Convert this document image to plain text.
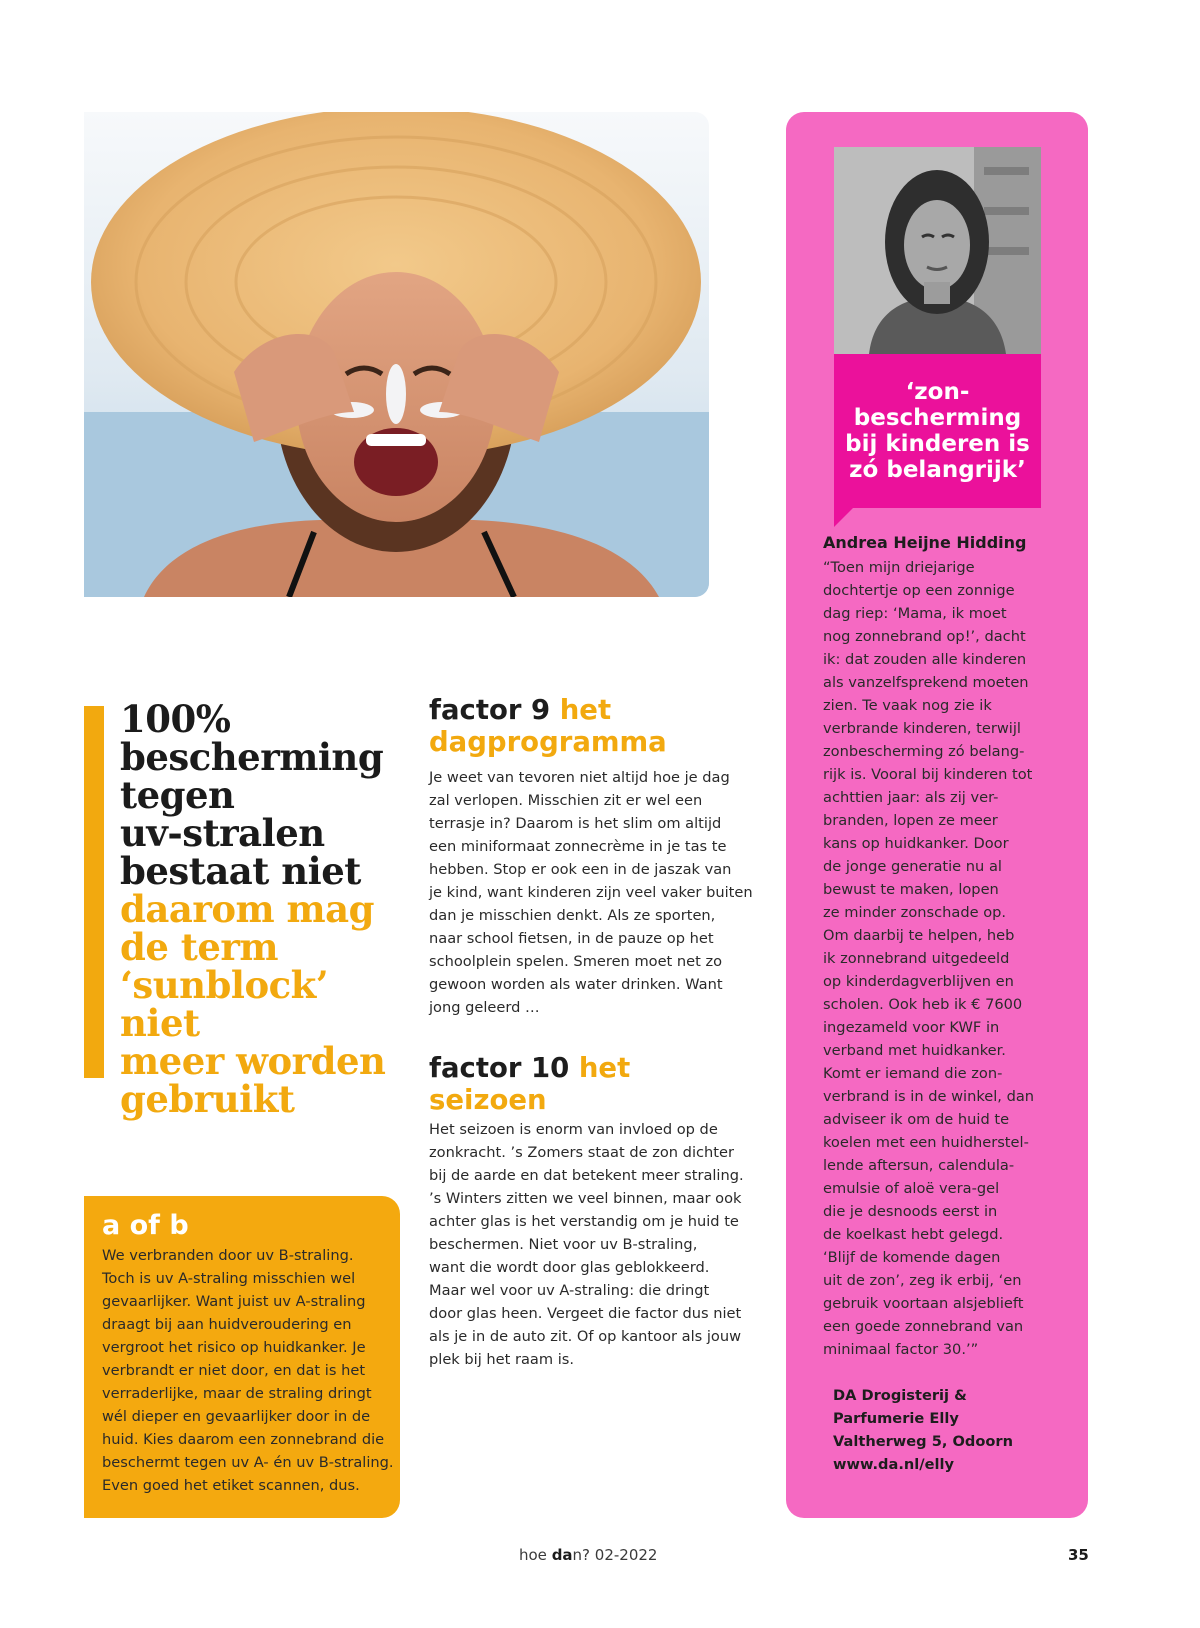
100%
bescherming
tegen
uv-stralen
bestaat niet
daarom mag
de term
‘sunblock’ niet
meer worden
gebruikt
a of b

We verbranden door uv B-straling.
Toch is uv A-straling misschien wel
gevaarlijker. Want juist uv A-straling
draagt bij aan huidveroudering en
vergroot het risico op huidkanker. Je
verbrandt er niet door, en dat is het
verraderlijke, maar de straling dringt
wél dieper en gevaarlijker door in de
huid. Kies daarom een zonnebrand die
beschermt tegen uv A- én uv B-straling.
Even goed het etiket scannen, dus.

factor 9 het
dagprogramma

Je weet van tevoren niet altijd hoe je dag
zal verlopen. Misschien zit er wel een
terrasje in? Daarom is het slim om altijd
een miniformaat zonnecrème in je tas te
hebben. Stop er ook een in de jaszak van
je kind, want kinderen zijn veel vaker buiten
dan je misschien denkt. Als ze sporten,
naar school fietsen, in de pauze op het
schoolplein spelen. Smeren moet net zo
gewoon worden als water drinken. Want
jong geleerd …

factor 10 het seizoen

Het seizoen is enorm van invloed op de
zonkracht. ’s Zomers staat de zon dichter
bij de aarde en dat betekent meer straling.
’s Winters zitten we veel binnen, maar ook
achter glas is het verstandig om je huid te
beschermen. Niet voor uv B-straling,
want die wordt door glas geblokkeerd.
Maar wel voor uv A-straling: die dringt
door glas heen. Vergeet die factor dus niet
als je in de auto zit. Of op kantoor als jouw
plek bij het raam is.

‘zon-
bescherming
bij kinderen is
zó belangrijk’
Andrea Heijne Hidding

“Toen mijn driejarige
dochtertje op een zonnige
dag riep: ‘Mama, ik moet
nog zonnebrand op!’, dacht
ik: dat zouden alle kinderen
als vanzelfsprekend moeten
zien. Te vaak nog zie ik
verbrande kinderen, terwijl
zonbescherming zó belang-
rijk is. Vooral bij kinderen tot
achttien jaar: als zij ver-
branden, lopen ze meer
kans op huidkanker. Door
de jonge generatie nu al
bewust te maken, lopen
ze minder zonschade op.
Om daarbij te helpen, heb
ik zonnebrand uitgedeeld
op kinderdagverblijven en
scholen. Ook heb ik € 7600
ingezameld voor KWF in
verband met huidkanker.
Komt er iemand die zon-
verbrand is in de winkel, dan
adviseer ik om de huid te
koelen met een huidherstel-
lende aftersun, calendula-
emulsie of aloë vera-gel
die je desnoods eerst in
de koelkast hebt gelegd.
‘Blijf de komende dagen
uit de zon’, zeg ik erbij, ‘en
gebruik voortaan alsjeblieft
een goede zonnebrand van
minimaal factor 30.’”

DA Drogisterij &
Parfumerie Elly
Valtherweg 5, Odoorn
www.da.nl/elly
hoe dan? 02-2022	35
